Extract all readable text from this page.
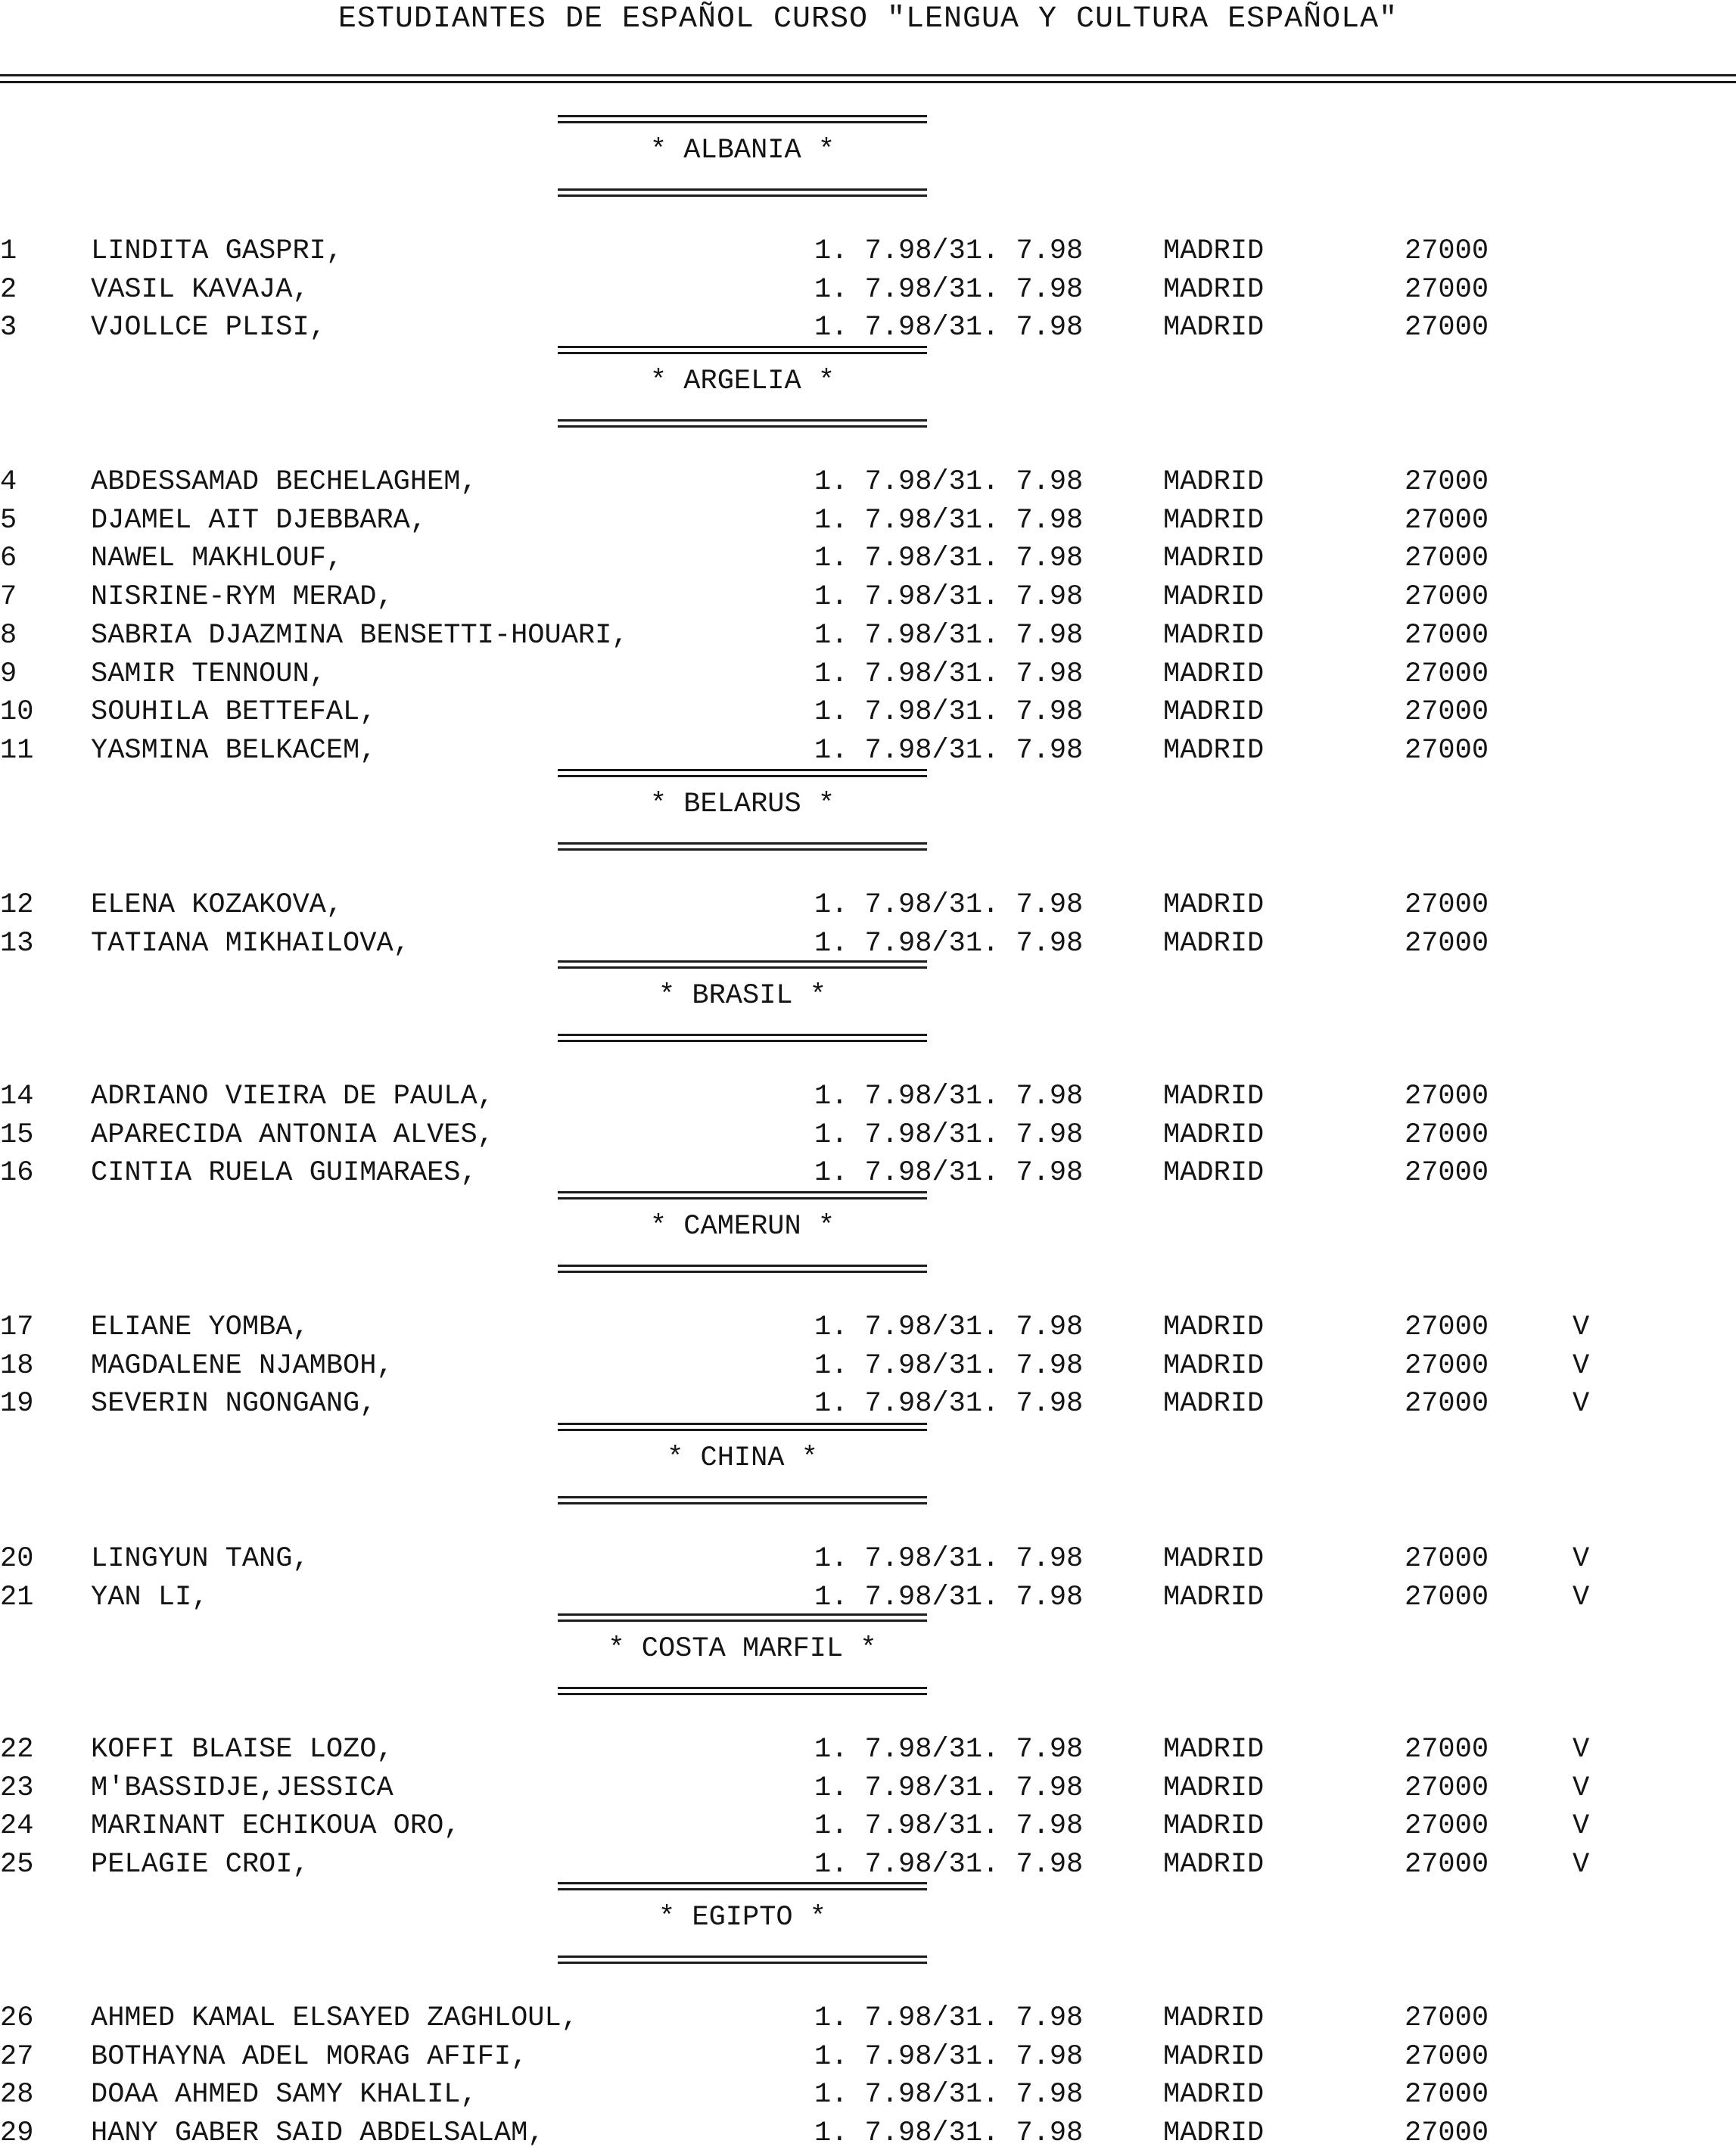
ESTUDIANTES DE ESPAÑOL CURSO "LENGUA Y CULTURA ESPAÑOLA"
* ALBANIA *
1	LINDITA GASPRI,	1. 7.98/31. 7.98	MADRID	27000
2	VASIL KAVAJA,	1. 7.98/31. 7.98	MADRID	27000
3	VJOLLCE PLISI,	1. 7.98/31. 7.98	MADRID	27000
* ARGELIA *
4	ABDESSAMAD BECHELAGHEM,	1. 7.98/31. 7.98	MADRID	27000
5	DJAMEL AIT DJEBBARA,	1. 7.98/31. 7.98	MADRID	27000
6	NAWEL MAKHLOUF,	1. 7.98/31. 7.98	MADRID	27000
7	NISRINE-RYM MERAD,	1. 7.98/31. 7.98	MADRID	27000
8	SABRIA DJAZMINA BENSETTI-HOUARI,	1. 7.98/31. 7.98	MADRID	27000
9	SAMIR TENNOUN,	1. 7.98/31. 7.98	MADRID	27000
10 SOUHILA BETTEFAL,	1. 7.98/31. 7.98	MADRID	27000
11 YASMINA BELKACEM,	1. 7.98/31. 7.98	MADRID	27000
* BELARUS *
12 ELENA KOZAKOVA,	1. 7.98/31. 7.98	MADRID	27000
13 TATIANA MIKHAILOVA,	1. 7.98/31. 7.98	MADRID	27000
* BRASIL *
14 ADRIANO VIEIRA DE PAULA,	1. 7.98/31. 7.98	MADRID	27000
15 APARECIDA ANTONIA ALVES,	1. 7.98/31. 7.98	MADRID	27000
16 CINTIA RUELA GUIMARAES,	1. 7.98/31. 7.98	MADRID	27000
* CAMERUN *
17 ELIANE YOMBA,	1. 7.98/31. 7.98	MADRID	27000	V
18 MAGDALENE NJAMBOH,	1. 7.98/31. 7.98	MADRID	27000	V
19 SEVERIN NGONGANG,	1. 7.98/31. 7.98	MADRID	27000	V
* CHINA *
20 LINGYUN TANG,	1. 7.98/31. 7.98	MADRID	27000	V
21 YAN LI,	1. 7.98/31. 7.98	MADRID	27000	V
* COSTA MARFIL *
22 KOFFI BLAISE LOZO,	1. 7.98/31. 7.98	MADRID	27000	V
23 M'BASSIDJE,JESSICA	1. 7.98/31. 7.98	MADRID	27000	V
24 MARINANT ECHIKOUA ORO,	1. 7.98/31. 7.98	MADRID	27000	V
25 PELAGIE CROI,	1. 7.98/31. 7.98	MADRID	27000	V
* EGIPTO *
26 AHMED KAMAL ELSAYED ZAGHLOUL,	1. 7.98/31. 7.98	MADRID	27000
27 BOTHAYNA ADEL MORAG AFIFI,	1. 7.98/31. 7.98	MADRID	27000
28 DOAA AHMED SAMY KHALIL,	1. 7.98/31. 7.98	MADRID	27000
29 HANY GABER SAID ABDELSALAM,	1. 7.98/31. 7.98	MADRID	27000
